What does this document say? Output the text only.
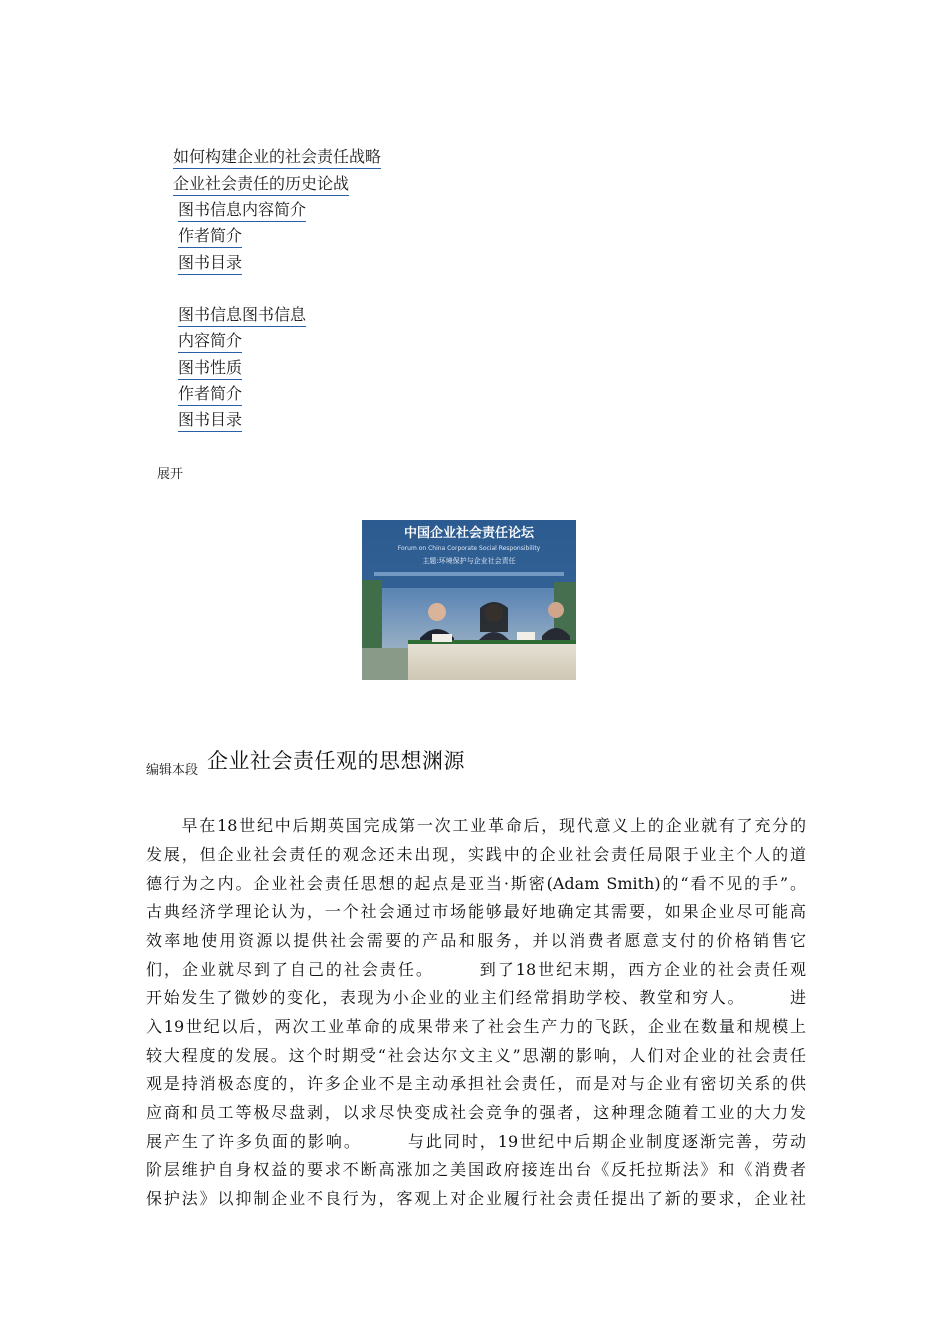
如何构建企业的社会责任战略
企业社会责任的历史论战
图书信息内容简介
作者简介
图书目录
图书信息图书信息
内容简介
图书性质
作者简介
图书目录
展开
中国企业社会责任论坛
Forum on China Corporate Social Responsibility
主题:环境保护与企业社会责任
编辑本段 企业社会责任观的思想渊源
　　早在18世纪中后期英国完成第一次工业革命后，现代意义上的企业就有了充分的
发展，但企业社会责任的观念还未出现，实践中的企业社会责任局限于业主个人的道
德行为之内。企业社会责任思想的起点是亚当·斯密(Adam Smith)的“看不见的手”。
古典经济学理论认为，一个社会通过市场能够最好地确定其需要，如果企业尽可能高
效率地使用资源以提供社会需要的产品和服务，并以消费者愿意支付的价格销售它
们，企业就尽到了自己的社会责任。　　　到了18世纪末期，西方企业的社会责任观
开始发生了微妙的变化，表现为小企业的业主们经常捐助学校、教堂和穷人。　　　进
入19世纪以后，两次工业革命的成果带来了社会生产力的飞跃，企业在数量和规模上
较大程度的发展。这个时期受“社会达尔文主义”思潮的影响，人们对企业的社会责任
观是持消极态度的，许多企业不是主动承担社会责任，而是对与企业有密切关系的供
应商和员工等极尽盘剥，以求尽快变成社会竞争的强者，这种理念随着工业的大力发
展产生了许多负面的影响。　　　与此同时，19世纪中后期企业制度逐渐完善，劳动
阶层维护自身权益的要求不断高涨加之美国政府接连出台《反托拉斯法》和《消费者
保护法》以抑制企业不良行为，客观上对企业履行社会责任提出了新的要求，企业社
